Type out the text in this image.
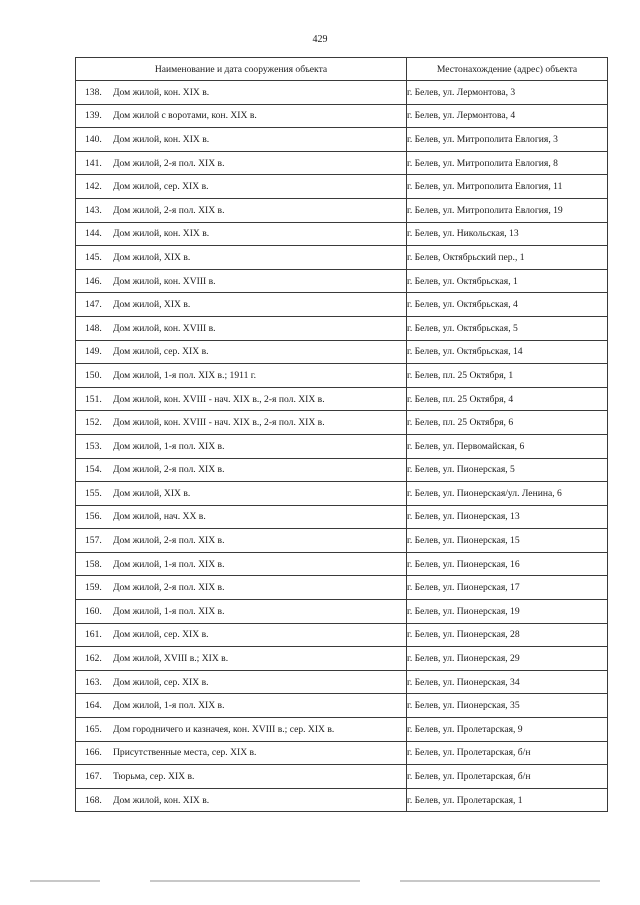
429
Наименование и дата сооружения объекта	Местонахождение (адрес) объекта
138. Дом жилой, кон. XIX в.	г. Белев, ул. Лермонтова, 3
139. Дом жилой с воротами, кон. XIX в.	г. Белев, ул. Лермонтова, 4
140. Дом жилой, кон. XIX в.	г. Белев, ул. Митрополита Евлогия, 3
141. Дом жилой, 2-я пол. XIX в.	г. Белев, ул. Митрополита Евлогия, 8
142. Дом жилой, сер. XIX в.	г. Белев, ул. Митрополита Евлогия, 11
143. Дом жилой, 2-я пол. XIX в.	г. Белев, ул. Митрополита Евлогия, 19
144. Дом жилой, кон. XIX в.	г. Белев, ул. Никольская, 13
145. Дом жилой, XIX в.	г. Белев, Октябрьский пер., 1
146. Дом жилой, кон. XVIII в.	г. Белев, ул. Октябрьская, 1
147. Дом жилой, XIX в.	г. Белев, ул. Октябрьская, 4
148. Дом жилой, кон. XVIII в.	г. Белев, ул. Октябрьская, 5
149. Дом жилой, сер. XIX в.	г. Белев, ул. Октябрьская, 14
150. Дом жилой, 1-я пол. XIX в.; 1911 г.	г. Белев, пл. 25 Октября, 1
151. Дом жилой, кон. XVIII - нач. XIX в., 2-я пол. XIX в.	г. Белев, пл. 25 Октября, 4
152. Дом жилой, кон. XVIII - нач. XIX в., 2-я пол. XIX в.	г. Белев, пл. 25 Октября, 6
153. Дом жилой, 1-я пол. XIX в.	г. Белев, ул. Первомайская, 6
154. Дом жилой, 2-я пол. XIX в.	г. Белев, ул. Пионерская, 5
155. Дом жилой, XIX в.	г. Белев, ул. Пионерская/ул. Ленина, 6
156. Дом жилой, нач. XX в.	г. Белев, ул. Пионерская, 13
157. Дом жилой, 2-я пол. XIX в.	г. Белев, ул. Пионерская, 15
158. Дом жилой, 1-я пол. XIX в.	г. Белев, ул. Пионерская, 16
159. Дом жилой, 2-я пол. XIX в.	г. Белев, ул. Пионерская, 17
160. Дом жилой, 1-я пол. XIX в.	г. Белев, ул. Пионерская, 19
161. Дом жилой, сер. XIX в.	г. Белев, ул. Пионерская, 28
162. Дом жилой, XVIII в.; XIX в.	г. Белев, ул. Пионерская, 29
163. Дом жилой, сер. XIX в.	г. Белев, ул. Пионерская, 34
164. Дом жилой, 1-я пол. XIX в.	г. Белев, ул. Пионерская, 35
165. Дом городничего и казначея, кон. XVIII в.; сер. XIX в.	г. Белев, ул. Пролетарская, 9
166. Присутственные места, сер. XIX в.	г. Белев, ул. Пролетарская, б/н
167. Тюрьма, сер. XIX в.	г. Белев, ул. Пролетарская, б/н
168. Дом жилой, кон. XIX в.	г. Белев, ул. Пролетарская, 1
